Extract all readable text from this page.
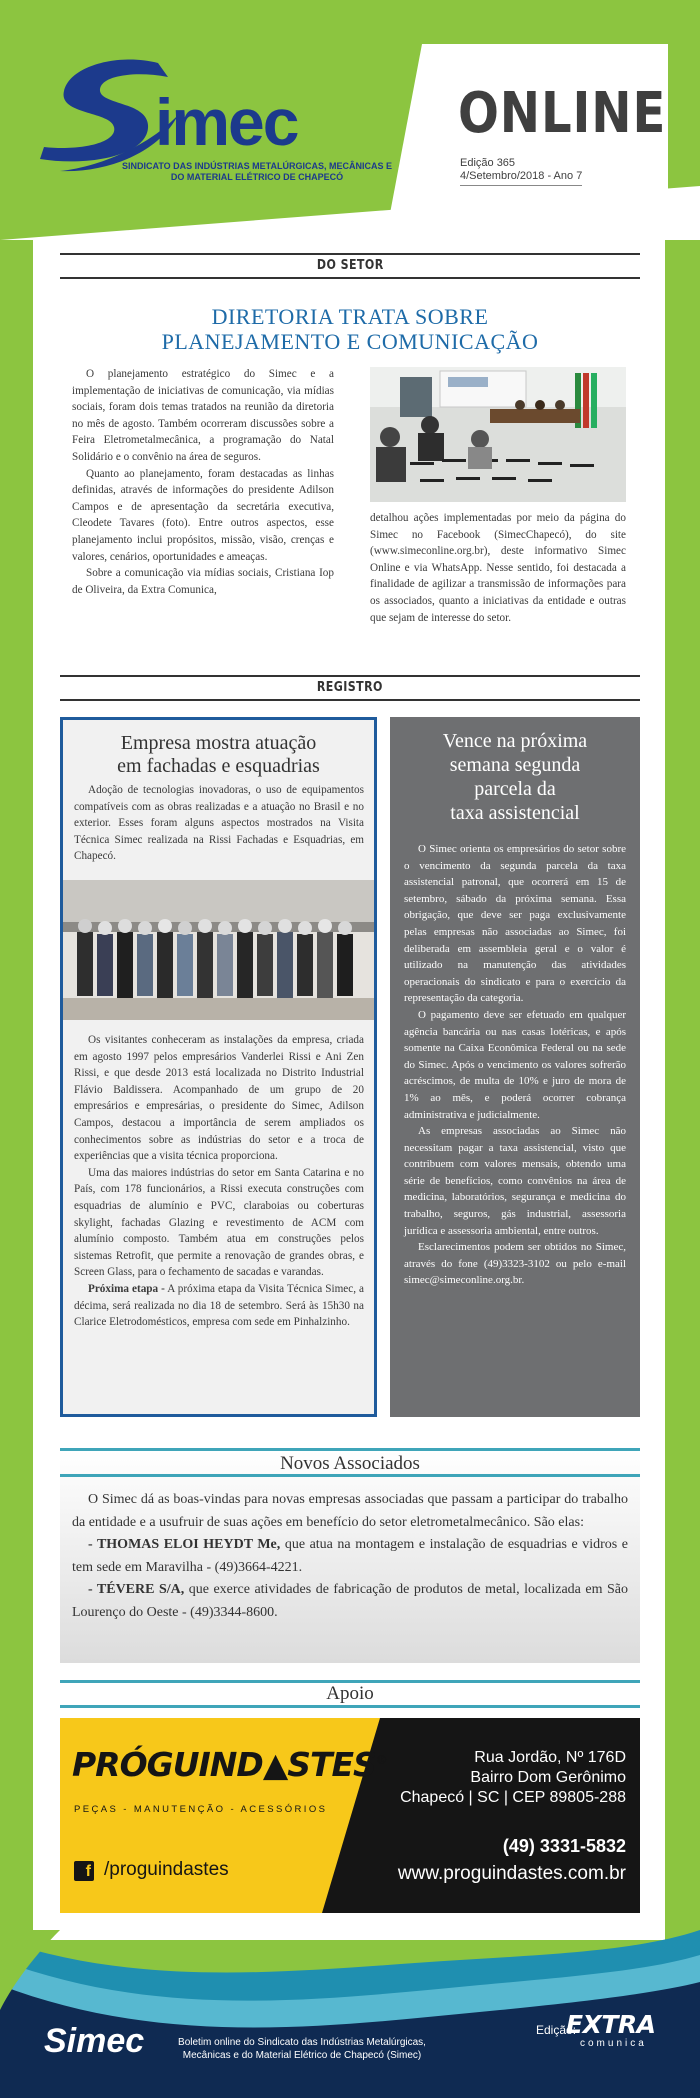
imec
SINDICATO DAS INDÚSTRIAS METALÚRGICAS, MECÂNICAS E DO MATERIAL ELÉTRICO DE CHAPECÓ
ONLINE
Edição 365
4/Setembro/2018 - Ano 7
DO SETOR
DIRETORIA TRATA SOBRE
PLANEJAMENTO E COMUNICAÇÃO

O planejamento estratégico do Simec e a implementação de iniciativas de comunicação, via mídias sociais, foram dois temas tratados na reunião da diretoria no mês de agosto. Também ocorreram discussões sobre a Feira Eletrometalmecânica, a programação do Natal Solidário e o convênio na área de seguros.

Quanto ao planejamento, foram destacadas as linhas definidas, através de informações do presidente Adilson Campos e de apresentação da secretária executiva, Cleodete Tavares (foto). Entre outros aspectos, esse planejamento inclui propósitos, missão, visão, crenças e valores, cenários, oportunidades e ameaças.

Sobre a comunicação via mídias sociais, Cristiana Iop de Oliveira, da Extra Comunica,

detalhou ações implementadas por meio da página do Simec no Facebook (SimecChapecó), do site (www.simeconline.org.br), deste informativo Simec Online e via WhatsApp. Nesse sentido, foi destacada a finalidade de agilizar a transmissão de informações para os associados, quanto a iniciativas da entidade e outras que sejam de interesse do setor.

REGISTRO
Empresa mostra atuação
em fachadas e esquadrias

Adoção de tecnologias inovadoras, o uso de equipamentos compatíveis com as obras realizadas e a atuação no Brasil e no exterior. Esses foram alguns aspectos mostrados na Visita Técnica Simec realizada na Rissi Fachadas e Esquadrias, em Chapecó.

Os visitantes conheceram as instalações da empresa, criada em agosto 1997 pelos empresários Vanderlei Rissi e Ani Zen Rissi, e que desde 2013 está localizada no Distrito Industrial Flávio Baldissera. Acompanhado de um grupo de 20 empresários e empresárias, o presidente do Simec, Adilson Campos, destacou a importância de serem ampliados os conhecimentos sobre as indústrias do setor e a troca de experiências que a visita técnica proporciona.

Uma das maiores indústrias do setor em Santa Catarina e no País, com 178 funcionários, a Rissi executa construções com esquadrias de alumínio e PVC, claraboias ou coberturas skylight, fachadas Glazing e revestimento de ACM com alumínio composto. Também atua em construções pelos sistemas Retrofit, que permite a renovação de grandes obras, e Screen Glass, para o fechamento de sacadas e varandas.

Próxima etapa - A próxima etapa da Visita Técnica Simec, a décima, será realizada no dia 18 de setembro. Será às 15h30 na Clarice Eletrodomésticos, empresa com sede em Pinhalzinho.

Vence na próxima
semana segunda
parcela da
taxa assistencial

O Simec orienta os empresários do setor sobre o vencimento da segunda parcela da taxa assistencial patronal, que ocorrerá em 15 de setembro, sábado da próxima semana. Essa obrigação, que deve ser paga exclusivamente pelas empresas não associadas ao Simec, foi deliberada em assembleia geral e o valor é utilizado na manutenção das atividades operacionais do sindicato e para o exercício da representação da categoria.

O pagamento deve ser efetuado em qualquer agência bancária ou nas casas lotéricas, e após somente na Caixa Econômica Federal ou na sede do Simec. Após o vencimento os valores sofrerão acréscimos, de multa de 10% e juro de mora de 1% ao mês, e poderá ocorrer cobrança administrativa e judicialmente.

As empresas associadas ao Simec não necessitam pagar a taxa assistencial, visto que contribuem com valores mensais, obtendo uma série de benefícios, como convênios na área de medicina, laboratórios, segurança e medicina do trabalho, seguros, gás industrial, assessoria jurídica e assessoria ambiental, entre outros.

Esclarecimentos podem ser obtidos no Simec, através do fone (49)3323-3102 ou pelo e-mail simec@simeconline.org.br.

Novos Associados

O Simec dá as boas-vindas para novas empresas associadas que passam a participar do trabalho da entidade e a usufruir de suas ações em benefício do setor eletrometalmecânico. São elas:

- THOMAS ELOI HEYDT Me, que atua na montagem e instalação de esquadrias e vidros e tem sede em Maravilha - (49)3664-4221.

- TÉVERE S/A, que exerce atividades de fabricação de produtos de metal, localizada em São Lourenço do Oeste - (49)3344-8600.

Apoio
PRÓGUIND▲STES®
PEÇAS - MANUTENÇÃO - ACESSÓRIOS
f /proguindastes
Rua Jordão, Nº 176D
Bairro Dom Gerônimo
Chapecó | SC | CEP 89805-288
(49) 3331-5832
www.proguindastes.com.br
Simec	Boletim online do Sindicato das Indústrias Metalúrgicas, Mecânicas e do Material Elétrico de Chapecó (Simec)
Edição:
EXTRA
comunica
